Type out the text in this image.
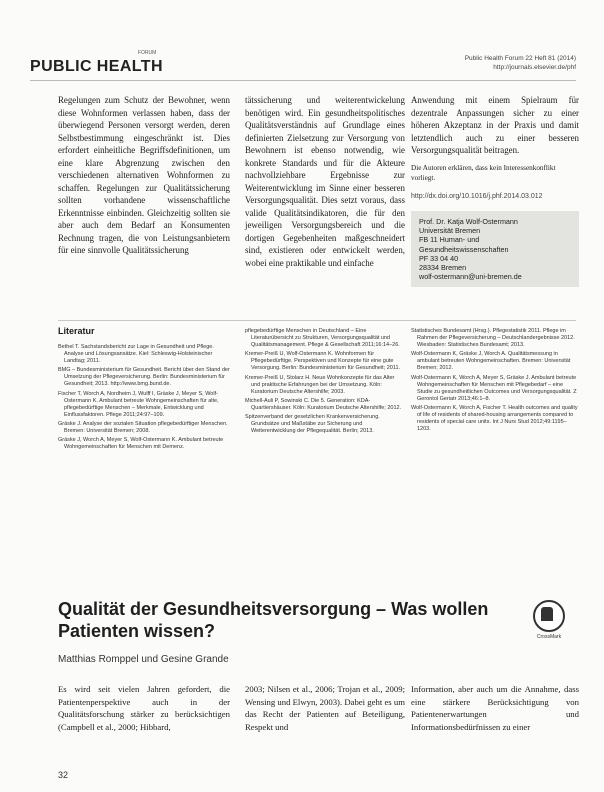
FORUM
PUBLIC HEALTH	Public Health Forum 22 Heft 81 (2014)
http://journals.elsevier.de/phf

Regelungen zum Schutz der Bewohner, wenn diese Wohnformen verlassen haben, dass der überwiegend Personen versorgt werden, deren Selbstbestimmung eingeschränkt ist. Dies erfordert einheitliche Begriffsdefinitionen, um eine klare Abgrenzung zwischen den verschiedenen alternativen Wohnformen zu schaffen. Regelungen zur Qualitätssicherung sollten vorhandene wissenschaftliche Erkenntnisse einbinden. Gleichzeitig sollten sie aber auch dem Bedarf an Konsumenten Rechnung tragen, die von Leistungsanbietern für eine sinnvolle Qualitätssicherung

tätssicherung und weiterentwickelung benötigen wird. Ein gesundheitspolitisches Qualitätsverständnis auf Grundlage eines definierten Zielsetzung zur Versorgung von Bewohnern ist ebenso notwendig, wie konkrete Standards und für die Akteure nachvollziehbare Ergebnisse zur Weiterentwicklung im Sinne einer besseren Versorgungsqualität. Dies setzt voraus, dass valide Qualitätsindikatoren, die für den jeweiligen Versorgungsbereich und die dortigen Gegebenheiten maßgeschneidert sind, existieren oder entwickelt werden, wobei eine praktikable und einfache

Anwendung mit einem Spielraum für dezentrale Anpassungen sicher zu einer höheren Akzeptanz in der Praxis und damit letztendlich auch zu einer besseren Versorgungsqualität beitragen.

Die Autoren erklären, dass kein Interessenkonflikt vorliegt.
http://dx.doi.org/10.1016/j.phf.2014.03.012
Prof. Dr. Katja Wolf-Ostermann
Universität Bremen
FB 11 Human- und
Gesundheitswissenschaften
PF 33 04 40
28334 Bremen
wolf-ostermann@uni-bremen.de
Literatur

Bethel T. Sachstandsbericht zur Lage in Gesundheit und Pflege. Analyse und Lösungsansätze. Kiel: Schleswig-Holsteinischer Landtag; 2011.

BMG – Bundesministerium für Gesundheit. Bericht über den Stand der Umsetzung der Pflegeversicherung. Berlin: Bundesministerium für Gesundheit; 2013. http://www.bmg.bund.de.

Fischer T, Worch A, Nordheim J, Wulff I, Gräske J, Meyer S, Wolf-Ostermann K. Ambulant betreute Wohngemeinschaften für alte, pflegebedürftige Menschen – Merkmale, Entwicklung und Einflussfaktoren. Pflege 2011;24:97–109.

Gräske J. Analyse der sozialen Situation pflegebedürftiger Menschen. Bremen: Universität Bremen; 2008.

Gräske J, Worch A, Meyer S, Wolf-Ostermann K. Ambulant betreute Wohngemeinschaften für Menschen mit Demenz.

pflegebedürftige Menschen in Deutschland – Eine Literaturübersicht zu Strukturen, Versorgungsqualität und Qualitätsmanagement. Pflege & Gesellschaft 2011;16:14–26.

Kremer-Preiß U, Wolf-Ostermann K. Wohnformen für Pflegebedürftige. Perspektiven und Konzepte für eine gute Versorgung. Berlin: Bundesministerium für Gesundheit; 2011.

Kremer-Preiß U, Stolarz H. Neue Wohnkonzepte für das Alter und praktische Erfahrungen bei der Umsetzung. Köln: Kuratorium Deutsche Altershilfe; 2003.

Michell-Auli P, Sowinski C. Die 5. Generation: KDA-Quartiershäuser. Köln: Kuratorium Deutsche Altershilfe; 2012.

Spitzenverband der gesetzlichen Krankenversicherung. Grundsätze und Maßstäbe zur Sicherung und Weiterentwicklung der Pflegequalität. Berlin; 2013.

Statistisches Bundesamt (Hrsg.). Pflegestatistik 2011. Pflege im Rahmen der Pflegeversicherung – Deutschlandergebnisse 2012. Wiesbaden: Statistisches Bundesamt; 2013.

Wolf-Ostermann K, Gräske J, Worch A. Qualitätsmessung in ambulant betreuten Wohngemeinschaften. Bremen: Universität Bremen; 2012.

Wolf-Ostermann K, Worch A, Meyer S, Gräske J. Ambulant betreute Wohngemeinschaften für Menschen mit Pflegebedarf – eine Studie zu gesundheitlichen Outcomes und Versorgungsqualität. Z Gerontol Geriatr 2013;46:1–8.

Wolf-Ostermann K, Worch A, Fischer T. Health outcomes and quality of life of residents of shared-housing arrangements compared to residents of special care units. Int J Nurs Stud 2012;49:1195–1203.

Qualität der Gesundheitsversorgung – Was wollen Patienten wissen?	CrossMark
Matthias Romppel und Gesine Grande

Es wird seit vielen Jahren gefordert, die Patientenperspektive auch in der Qualitätsforschung stärker zu berücksichtigen (Campbell et al., 2000; Hibbard,

2003; Nilsen et al., 2006; Trojan et al., 2009; Wensing und Elwyn, 2003). Dabei geht es um das Recht der Patienten auf Beteiligung, Respekt und

Information, aber auch um die Annahme, dass eine stärkere Berücksichtigung von Patientenerwartungen und Informationsbedürfnissen zu einer

32
